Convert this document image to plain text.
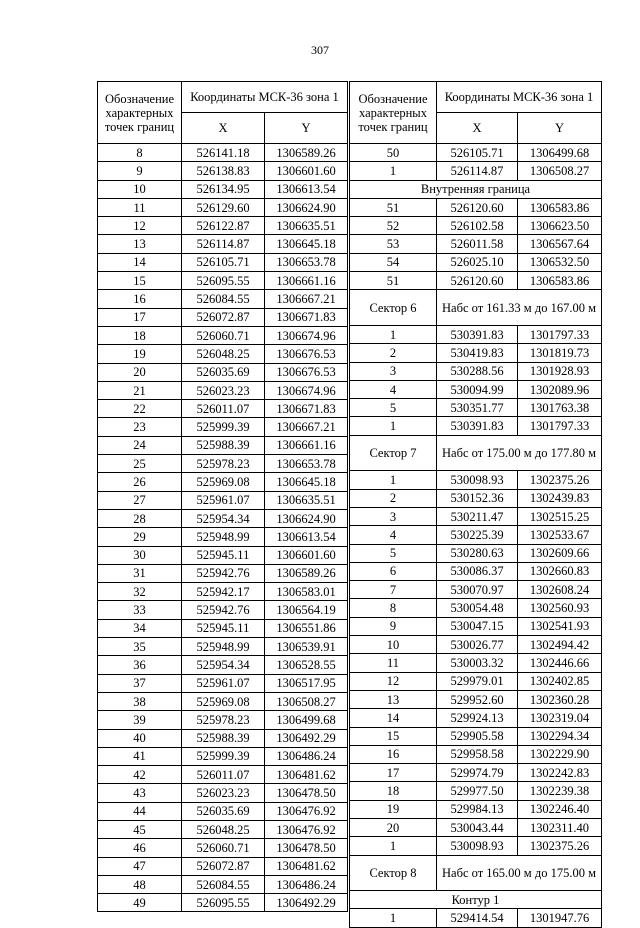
307
Обозначение характерных точек границ	Координаты МСК-36 зона 1	
	X	Y
8	526141.18	1306589.26
9	526138.83	1306601.60
10	526134.95	1306613.54
11	526129.60	1306624.90
12	526122.87	1306635.51
13	526114.87	1306645.18
14	526105.71	1306653.78
15	526095.55	1306661.16
16	526084.55	1306667.21
17	526072.87	1306671.83
18	526060.71	1306674.96
19	526048.25	1306676.53
20	526035.69	1306676.53
21	526023.23	1306674.96
22	526011.07	1306671.83
23	525999.39	1306667.21
24	525988.39	1306661.16
25	525978.23	1306653.78
26	525969.08	1306645.18
27	525961.07	1306635.51
28	525954.34	1306624.90
29	525948.99	1306613.54
30	525945.11	1306601.60
31	525942.76	1306589.26
32	525942.17	1306583.01
33	525942.76	1306564.19
34	525945.11	1306551.86
35	525948.99	1306539.91
36	525954.34	1306528.55
37	525961.07	1306517.95
38	525969.08	1306508.27
39	525978.23	1306499.68
40	525988.39	1306492.29
41	525999.39	1306486.24
42	526011.07	1306481.62
43	526023.23	1306478.50
44	526035.69	1306476.92
45	526048.25	1306476.92
46	526060.71	1306478.50
47	526072.87	1306481.62
48	526084.55	1306486.24
49	526095.55	1306492.29
Обозначение характерных точек границ	Координаты МСК-36 зона 1	
	X	Y
50	526105.71	1306499.68
1	526114.87	1306508.27
Внутренняя граница		
51	526120.60	1306583.86
52	526102.58	1306623.50
53	526011.58	1306567.64
54	526025.10	1306532.50
51	526120.60	1306583.86
Сектор 6	Набс от 161.33 м до 167.00 м	
1	530391.83	1301797.33
2	530419.83	1301819.73
3	530288.56	1301928.93
4	530094.99	1302089.96
5	530351.77	1301763.38
1	530391.83	1301797.33
Сектор 7	Набс от 175.00 м до 177.80 м	
1	530098.93	1302375.26
2	530152.36	1302439.83
3	530211.47	1302515.25
4	530225.39	1302533.67
5	530280.63	1302609.66
6	530086.37	1302660.83
7	530070.97	1302608.24
8	530054.48	1302560.93
9	530047.15	1302541.93
10	530026.77	1302494.42
11	530003.32	1302446.66
12	529979.01	1302402.85
13	529952.60	1302360.28
14	529924.13	1302319.04
15	529905.58	1302294.34
16	529958.58	1302229.90
17	529974.79	1302242.83
18	529977.50	1302239.38
19	529984.13	1302246.40
20	530043.44	1302311.40
1	530098.93	1302375.26
Сектор 8	Набс от 165.00 м до 175.00 м	
Контур 1		
1	529414.54	1301947.76
